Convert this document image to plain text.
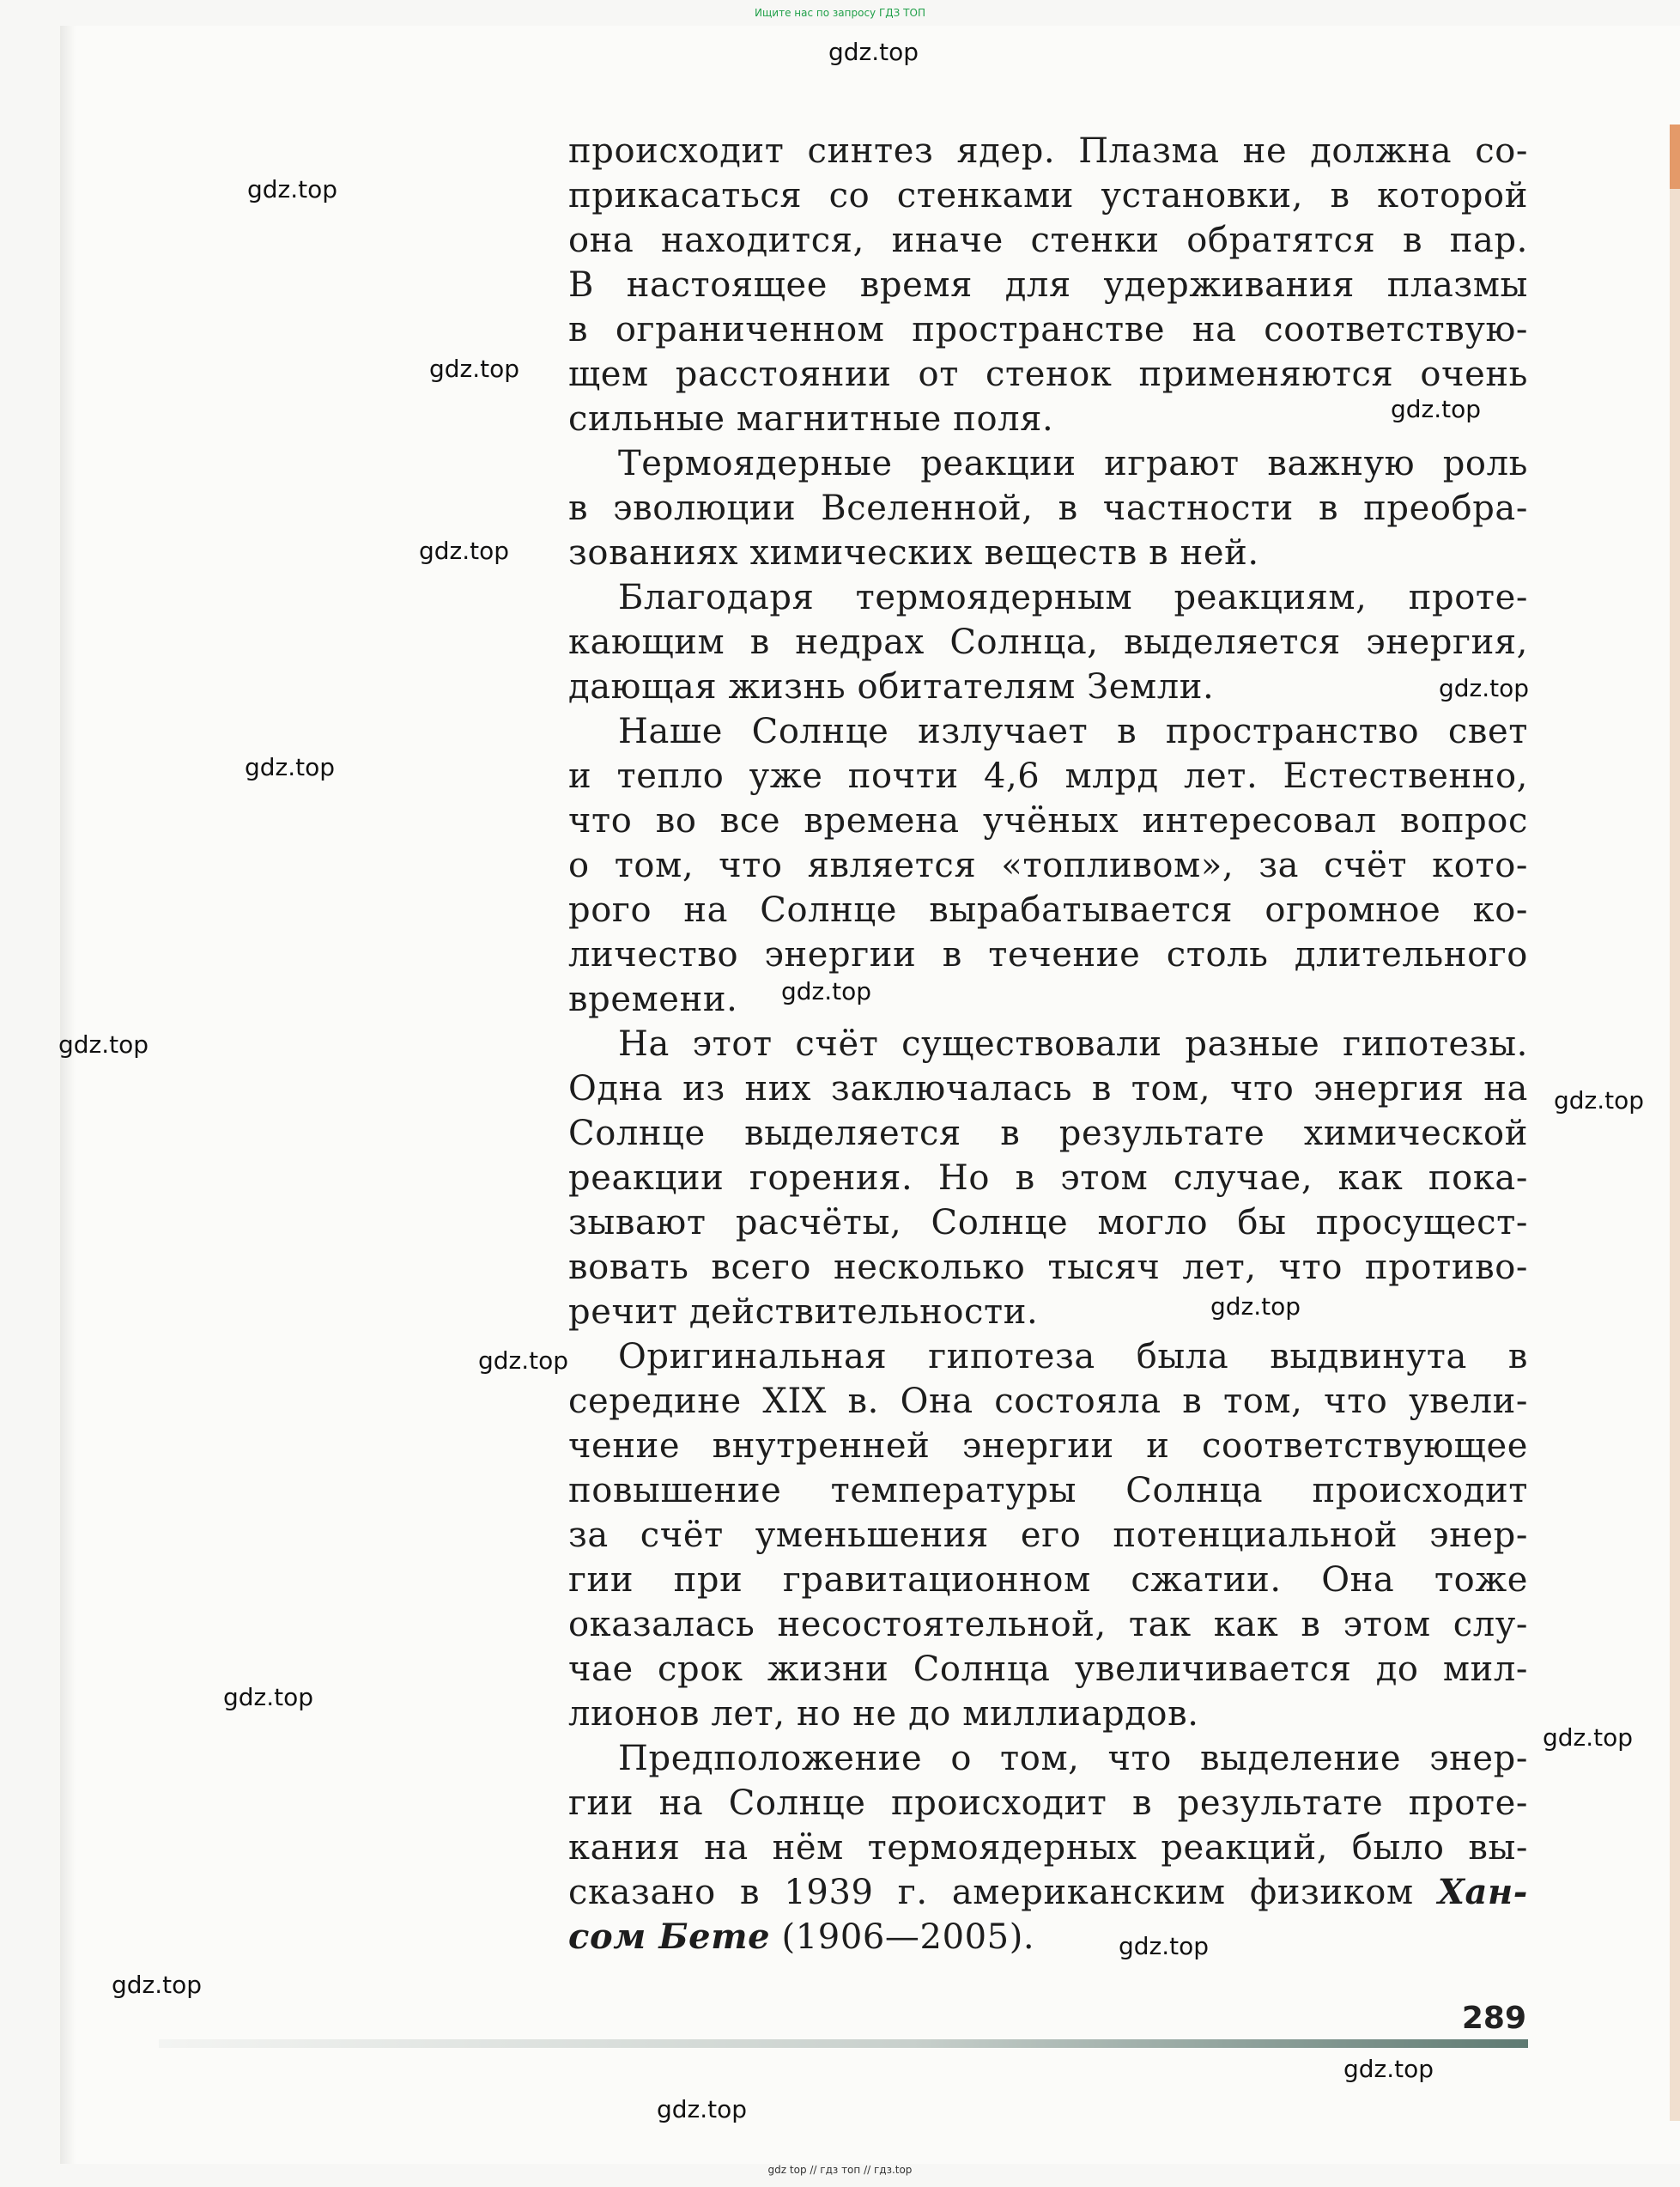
Ищите нас по запросу ГДЗ ТОП
происходит синтез ядер. Плазма не должна со-
прикасаться со стенками установки, в которой
она находится, иначе стенки обратятся в пар.
В настоящее время для удерживания плазмы
в ограниченном пространстве на соответствую-
щем расстоянии от стенок применяются очень
сильные магнитные поля.
Термоядерные реакции играют важную роль
в эволюции Вселенной, в частности в преобра-
зованиях химических веществ в ней.
Благодаря термоядерным реакциям, проте-
кающим в недрах Солнца, выделяется энергия,
дающая жизнь обитателям Земли.
Наше Солнце излучает в пространство свет
и тепло уже почти 4,6 млрд лет. Естественно,
что во все времена учёных интересовал вопрос
о том, что является «топливом», за счёт кото-
рого на Солнце вырабатывается огромное ко-
личество энергии в течение столь длительного
времени.
На этот счёт существовали разные гипотезы.
Одна из них заключалась в том, что энергия на
Солнце выделяется в результате химической
реакции горения. Но в этом случае, как пока-
зывают расчёты, Солнце могло бы просущест-
вовать всего несколько тысяч лет, что противо-
речит действительности.
Оригинальная гипотеза была выдвинута в
середине XIX в. Она состояла в том, что увели-
чение внутренней энергии и соответствующее
повышение температуры Солнца происходит
за счёт уменьшения его потенциальной энер-
гии при гравитационном сжатии. Она тоже
оказалась несостоятельной, так как в этом слу-
чае срок жизни Солнца увеличивается до мил-
лионов лет, но не до миллиардов.
Предположение о том, что выделение энер-
гии на Солнце происходит в результате проте-
кания на нём термоядерных реакций, было вы-
сказано в 1939 г. американским физиком Хан-
сом Бете (1906—2005).
289
gdz.top
gdz.top
gdz.top
gdz.top
gdz.top
gdz.top
gdz.top
gdz.top
gdz.top
gdz.top
gdz.top
gdz.top
gdz.top
gdz.top
gdz.top
gdz.top
gdz.top
gdz.top
gdz top // гдз топ // гдз.top
